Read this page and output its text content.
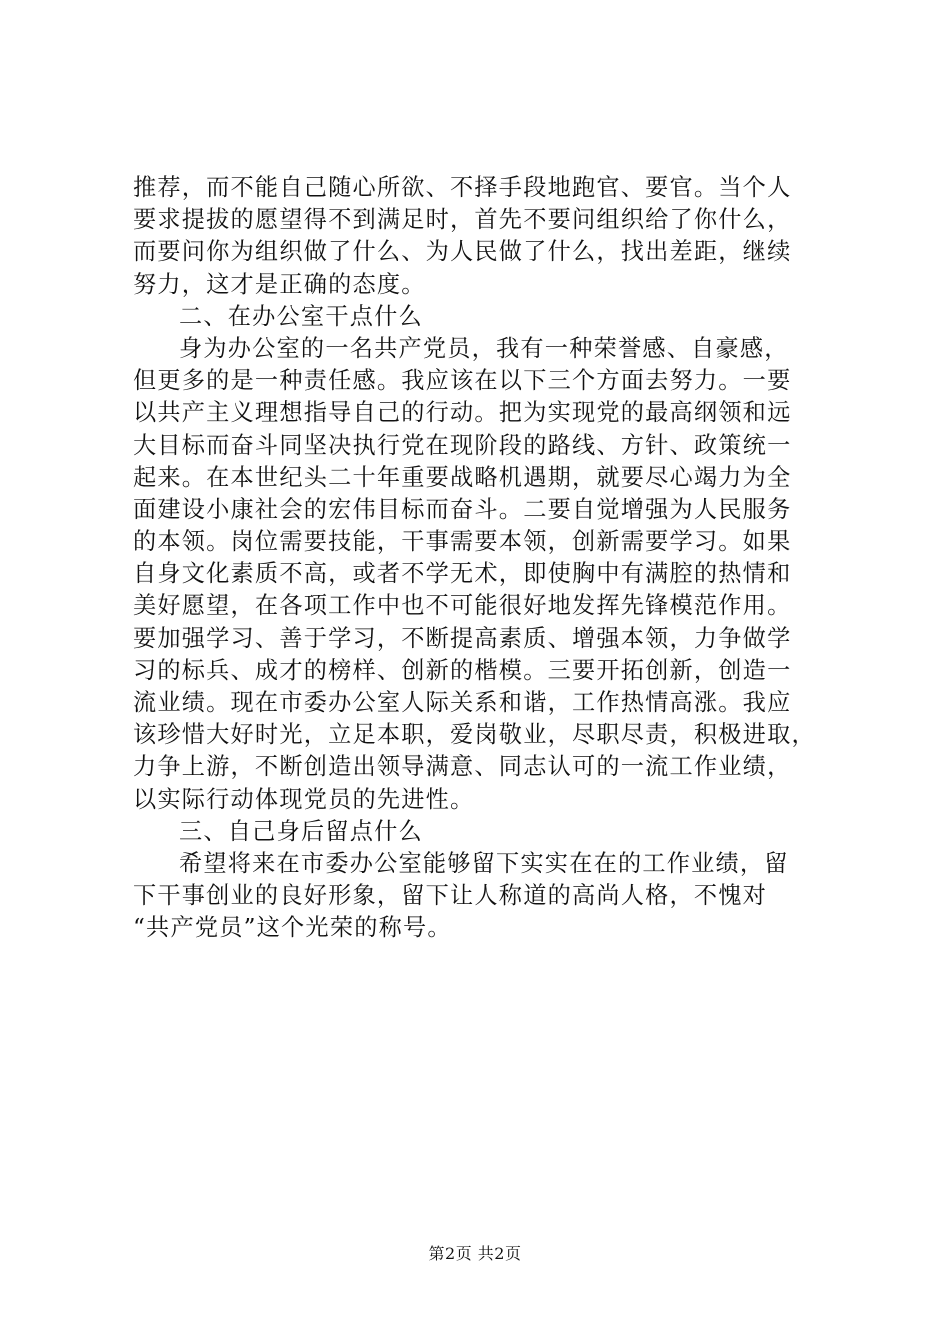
推荐，而不能自己随心所欲、不择手段地跑官、要官。当个人
要求提拔的愿望得不到满足时，首先不要问组织给了你什么，
而要问你为组织做了什么、为人民做了什么，找出差距，继续
努力，这才是正确的态度。
二、在办公室干点什么
身为办公室的一名共产党员，我有一种荣誉感、自豪感，
但更多的是一种责任感。我应该在以下三个方面去努力。一要
以共产主义理想指导自己的行动。把为实现党的最高纲领和远
大目标而奋斗同坚决执行党在现阶段的路线、方针、政策统一
起来。在本世纪头二十年重要战略机遇期，就要尽心竭力为全
面建设小康社会的宏伟目标而奋斗。二要自觉增强为人民服务
的本领。岗位需要技能，干事需要本领，创新需要学习。如果
自身文化素质不高，或者不学无术，即使胸中有满腔的热情和
美好愿望，在各项工作中也不可能很好地发挥先锋模范作用。
要加强学习、善于学习，不断提高素质、增强本领，力争做学
习的标兵、成才的榜样、创新的楷模。三要开拓创新，创造一
流业绩。现在市委办公室人际关系和谐，工作热情高涨。我应
该珍惜大好时光，立足本职，爱岗敬业，尽职尽责，积极进取，
力争上游，不断创造出领导满意、同志认可的一流工作业绩，
以实际行动体现党员的先进性。
三、自己身后留点什么
希望将来在市委办公室能够留下实实在在的工作业绩，留
下干事创业的良好形象，留下让人称道的高尚人格，不愧对
“共产党员”这个光荣的称号。
第2页 共2页
